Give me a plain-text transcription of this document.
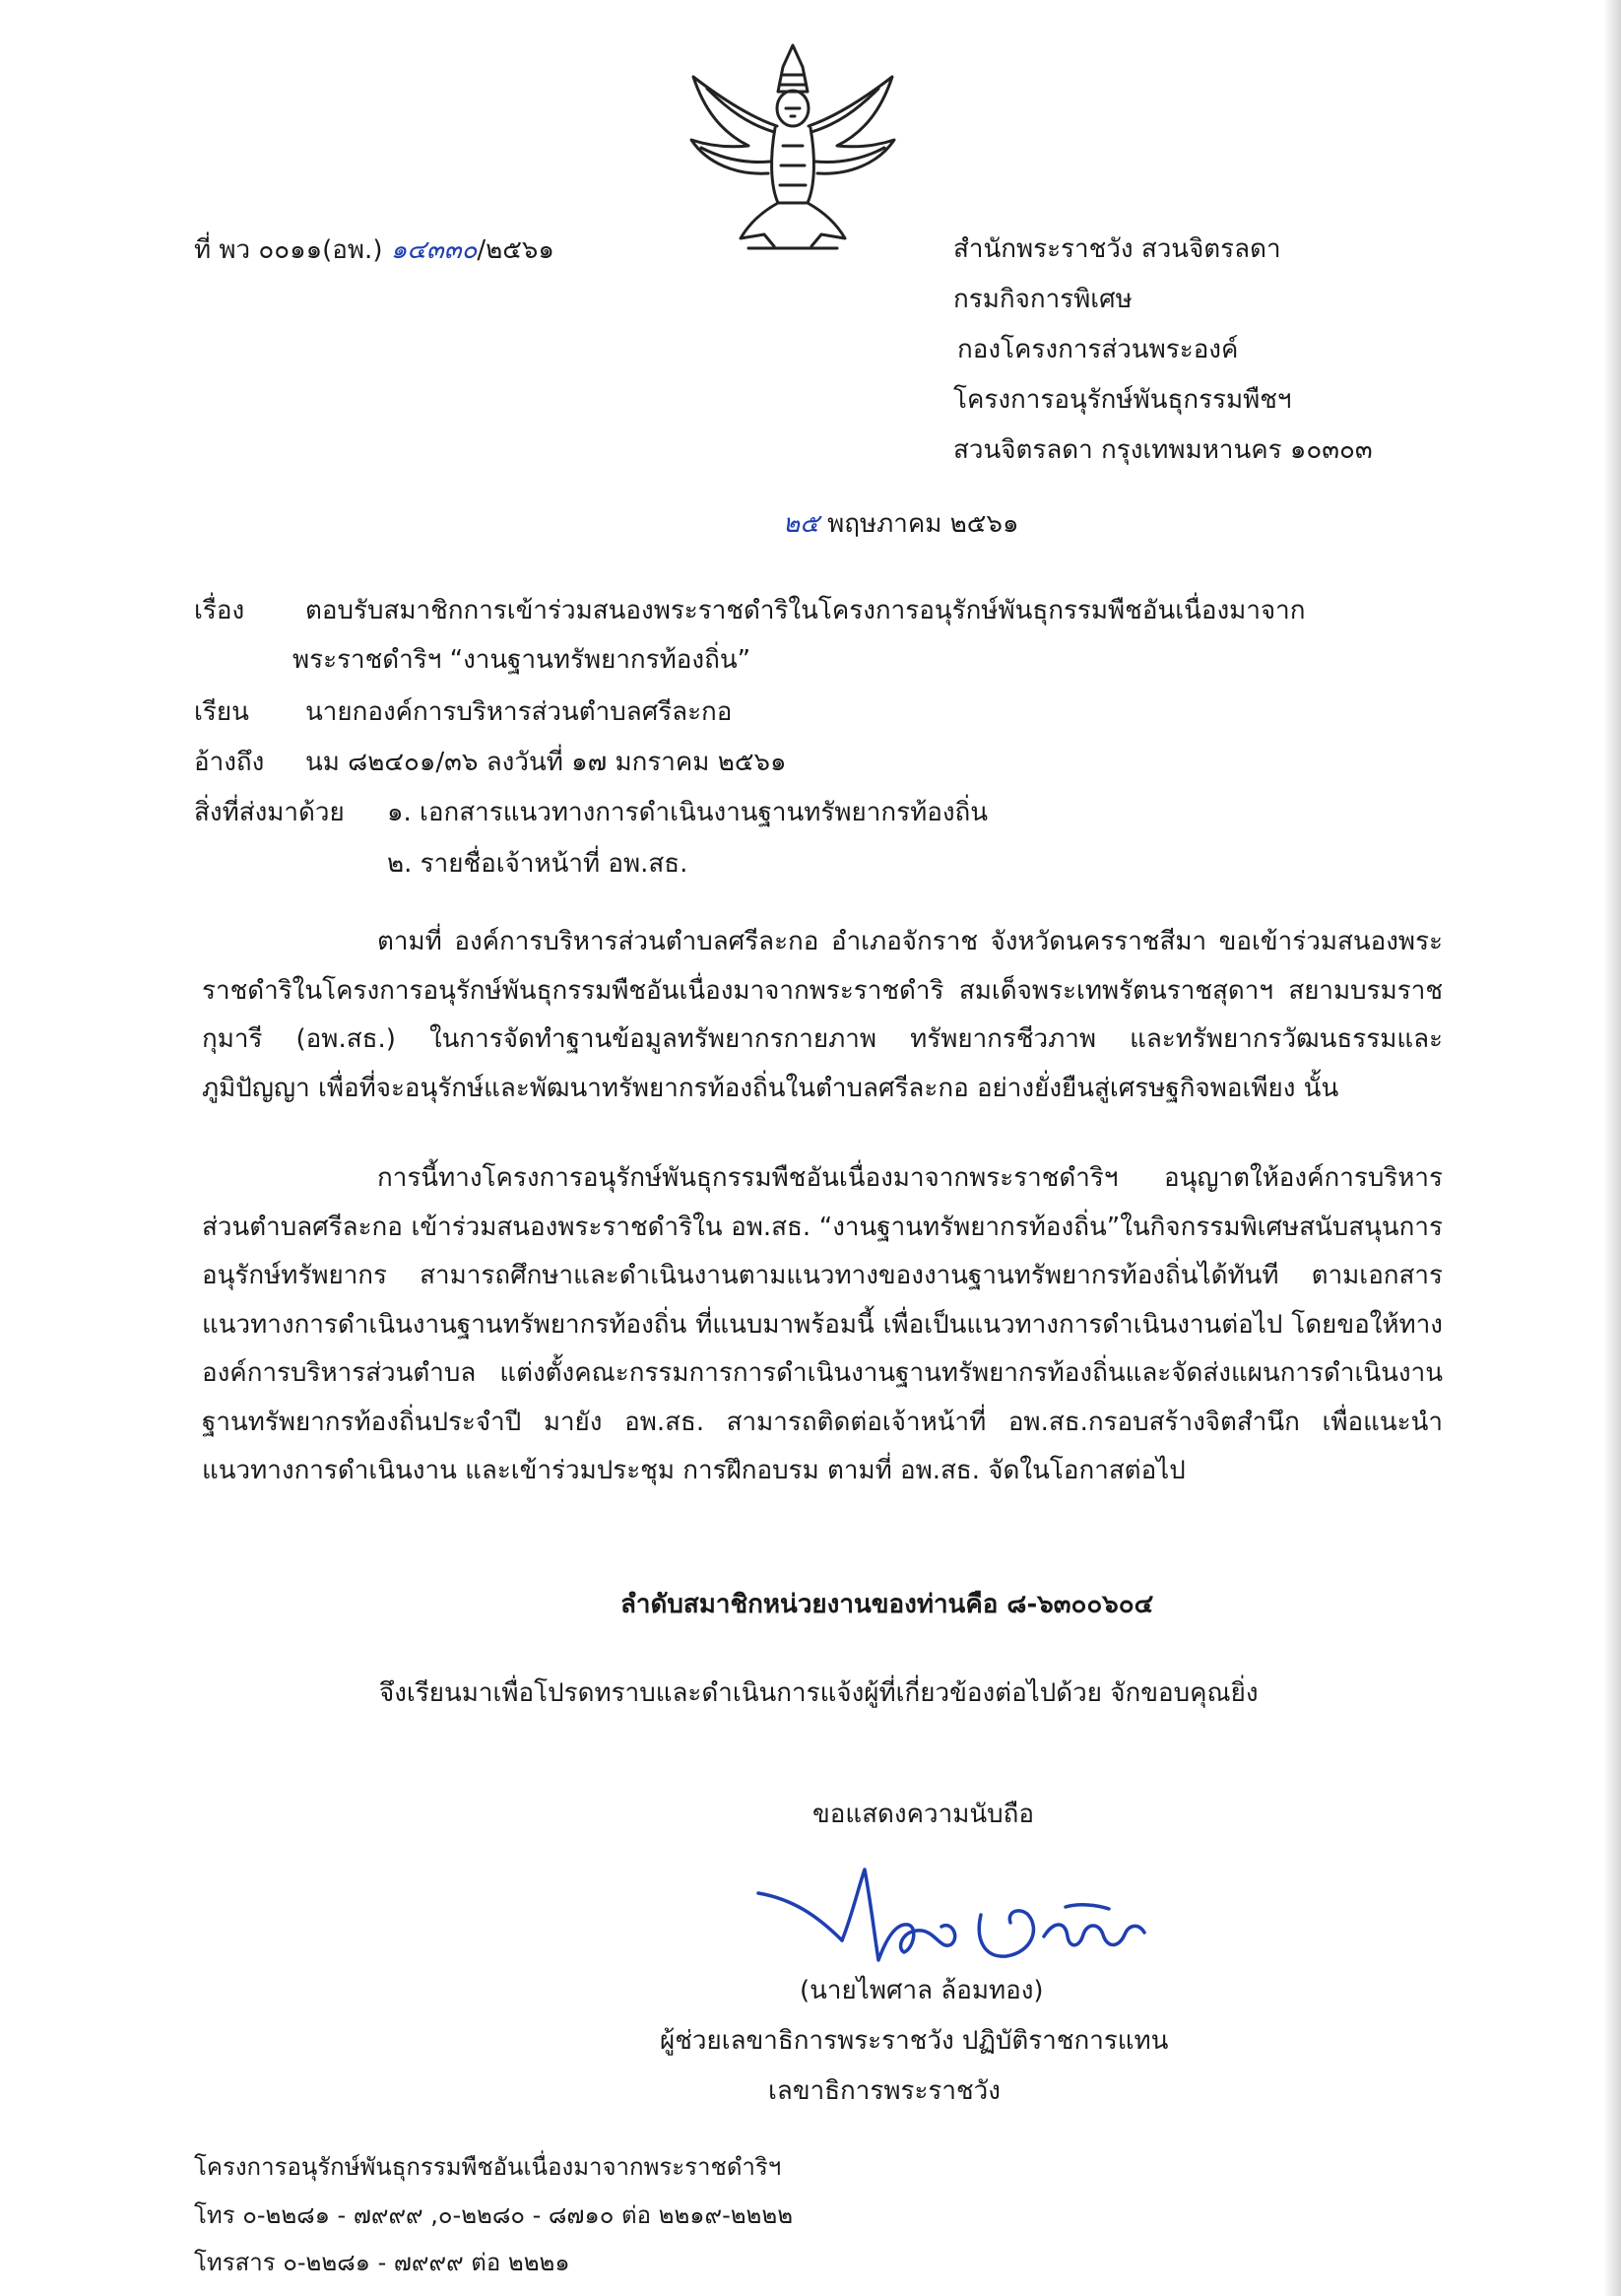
ที่ พว ๐๐๑๑(อพ.) ๑๔๓๓๐/๒๕๖๑	สำนักพระราชวัง สวนจิตรลดา
กรมกิจการพิเศษ
กองโครงการส่วนพระองค์
โครงการอนุรักษ์พันธุกรรมพืชฯ
สวนจิตรลดา กรุงเทพมหานคร ๑๐๓๐๓
๒๕ พฤษภาคม ๒๕๖๑
เรื่อง ตอบรับสมาชิกการเข้าร่วมสนองพระราชดำริในโครงการอนุรักษ์พันธุกรรมพืชอันเนื่องมาจาก
พระราชดำริฯ “งานฐานทรัพยากรท้องถิ่น”
เรียน นายกองค์การบริหารส่วนตำบลศรีละกอ
อ้างถึง นม ๘๒๔๐๑/๓๖ ลงวันที่ ๑๗ มกราคม ๒๕๖๑
สิ่งที่ส่งมาด้วย ๑. เอกสารแนวทางการดำเนินงานฐานทรัพยากรท้องถิ่น
๒. รายชื่อเจ้าหน้าที่ อพ.สธ.
ตามที่ องค์การบริหารส่วนตำบลศรีละกอ อำเภอจักราช จังหวัดนครราชสีมา ขอเข้าร่วมสนองพระราชดำริในโครงการอนุรักษ์พันธุกรรมพืชอันเนื่องมาจากพระราชดำริ สมเด็จพระเทพรัตนราชสุดาฯ สยามบรมราชกุมารี (อพ.สธ.) ในการจัดทำฐานข้อมูลทรัพยากรกายภาพ ทรัพยากรชีวภาพ และทรัพยากรวัฒนธรรมและภูมิปัญญา เพื่อที่จะอนุรักษ์และพัฒนาทรัพยากรท้องถิ่นในตำบลศรีละกอ อย่างยั่งยืนสู่เศรษฐกิจพอเพียง นั้น
การนี้ทางโครงการอนุรักษ์พันธุกรรมพืชอันเนื่องมาจากพระราชดำริฯ อนุญาตให้องค์การบริหารส่วนตำบลศรีละกอ เข้าร่วมสนองพระราชดำริใน อพ.สธ. “งานฐานทรัพยากรท้องถิ่น”ในกิจกรรมพิเศษสนับสนุนการอนุรักษ์ทรัพยากร สามารถศึกษาและดำเนินงานตามแนวทางของงานฐานทรัพยากรท้องถิ่นได้ทันที ตามเอกสารแนวทางการดำเนินงานฐานทรัพยากรท้องถิ่น ที่แนบมาพร้อมนี้ เพื่อเป็นแนวทางการดำเนินงานต่อไป โดยขอให้ทางองค์การบริหารส่วนตำบล แต่งตั้งคณะกรรมการการดำเนินงานฐานทรัพยากรท้องถิ่นและจัดส่งแผนการดำเนินงานฐานทรัพยากรท้องถิ่นประจำปี มายัง อพ.สธ. สามารถติดต่อเจ้าหน้าที่ อพ.สธ.กรอบสร้างจิตสำนึก เพื่อแนะนำแนวทางการดำเนินงาน และเข้าร่วมประชุม การฝึกอบรม ตามที่ อพ.สธ. จัดในโอกาสต่อไป
ลำดับสมาชิกหน่วยงานของท่านคือ ๘-๖๓๐๐๖๐๔
จึงเรียนมาเพื่อโปรดทราบและดำเนินการแจ้งผู้ที่เกี่ยวข้องต่อไปด้วย จักขอบคุณยิ่ง
ขอแสดงความนับถือ
(นายไพศาล ล้อมทอง)
ผู้ช่วยเลขาธิการพระราชวัง ปฏิบัติราชการแทน
เลขาธิการพระราชวัง
โครงการอนุรักษ์พันธุกรรมพืชอันเนื่องมาจากพระราชดำริฯ
โทร ๐-๒๒๘๑ - ๗๙๙๙ ,๐-๒๒๘๐ - ๘๗๑๐ ต่อ ๒๒๑๙-๒๒๒๒
โทรสาร ๐-๒๒๘๑ - ๗๙๙๙ ต่อ ๒๒๒๑
